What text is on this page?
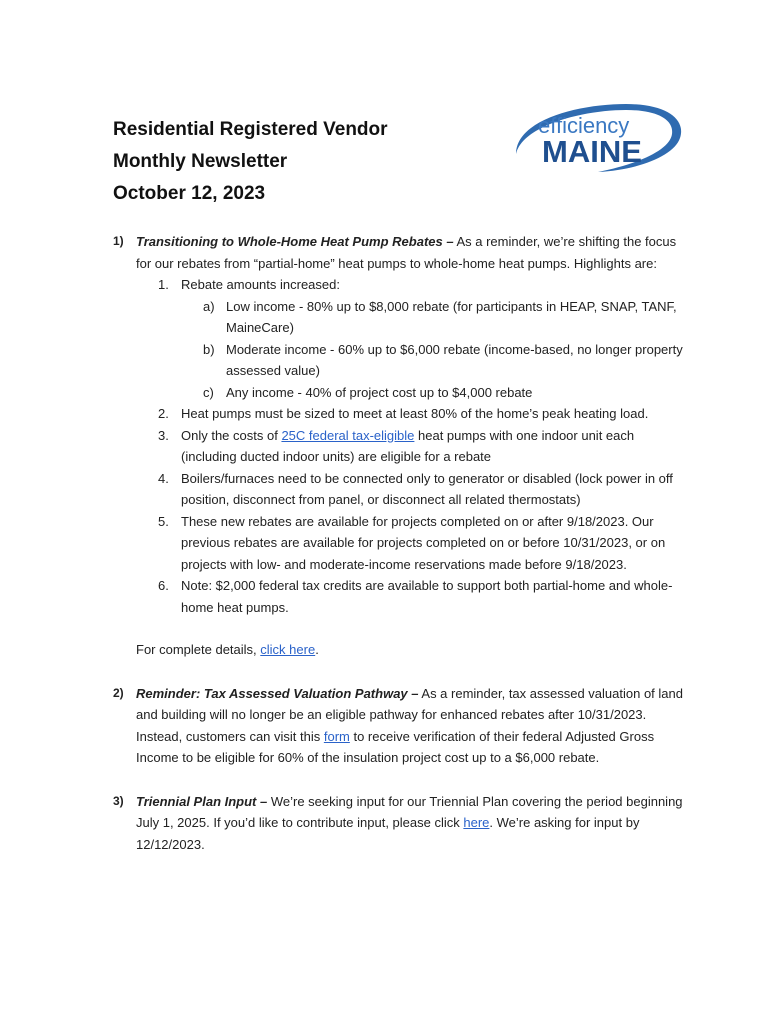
Residential Registered Vendor
Monthly Newsletter
October 12, 2023
efficiency
MAINE
1) Transitioning to Whole-Home Heat Pump Rebates – As a reminder, we’re shifting the focus for our rebates from “partial-home” heat pumps to whole-home heat pumps. Highlights are:

1. Rebate amounts increased:
a) Low income - 80% up to $8,000 rebate (for participants in HEAP, SNAP, TANF, MaineCare)
b) Moderate income - 60% up to $6,000 rebate (income-based, no longer property assessed value)
c) Any income - 40% of project cost up to $4,000 rebate
2. Heat pumps must be sized to meet at least 80% of the home’s peak heating load.
3. Only the costs of 25C federal tax-eligible heat pumps with one indoor unit each (including ducted indoor units) are eligible for a rebate
4. Boilers/furnaces need to be connected only to generator or disabled (lock power in off position, disconnect from panel, or disconnect all related thermostats)
5. These new rebates are available for projects completed on or after 9/18/2023. Our previous rebates are available for projects completed on or before 10/31/2023, or on projects with low- and moderate-income reservations made before 9/18/2023.
6. Note: $2,000 federal tax credits are available to support both partial-home and whole-home heat pumps.

For complete details, click here.

2) Reminder: Tax Assessed Valuation Pathway – As a reminder, tax assessed valuation of land and building will no longer be an eligible pathway for enhanced rebates after 10/31/2023. Instead, customers can visit this form to receive verification of their federal Adjusted Gross Income to be eligible for 60% of the insulation project cost up to a $6,000 rebate.

3) Triennial Plan Input – We’re seeking input for our Triennial Plan covering the period beginning July 1, 2025. If you’d like to contribute input, please click here. We’re asking for input by 12/12/2023.
